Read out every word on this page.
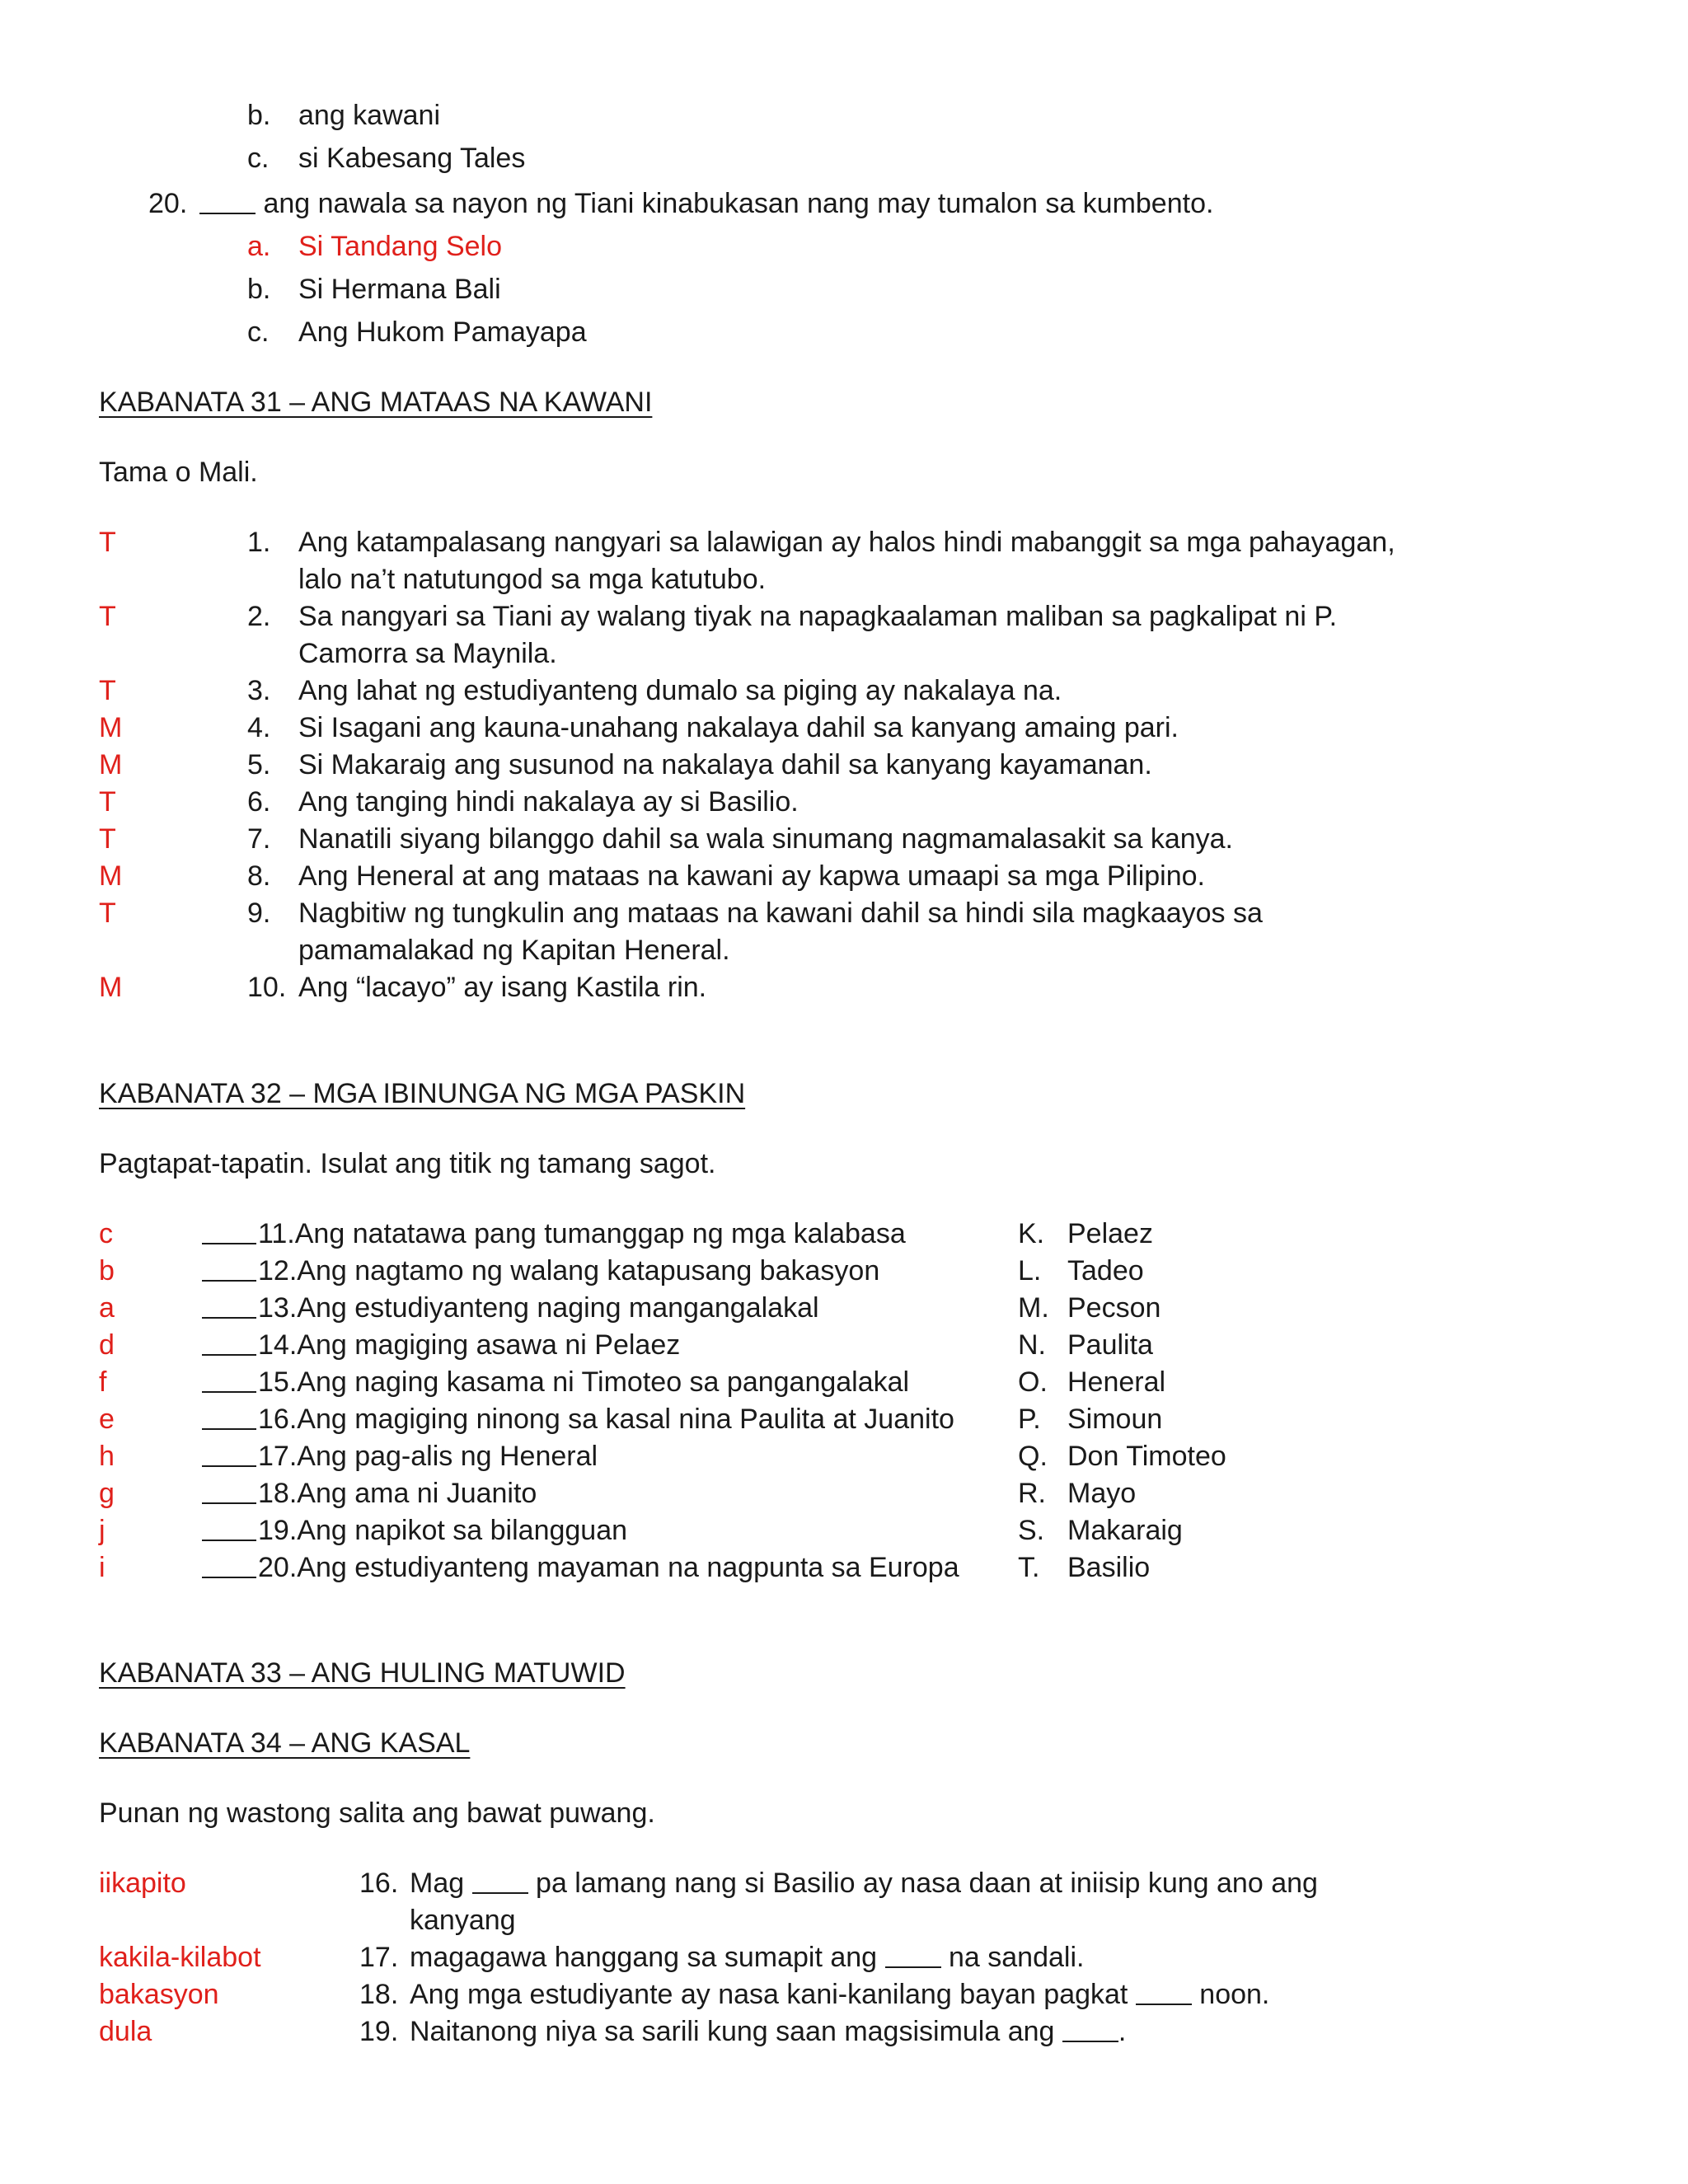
b. ang kawani
c. si Kabesang Tales
20.	ang nawala sa nayon ng Tiani kinabukasan nang may tumalon sa kumbento.
a. Si Tandang Selo
b. Si Hermana Bali
c. Ang Hukom Pamayapa
KABANATA 31 – ANG MATAAS NA KAWANI
Tama o Mali.
T	1. Ang katampalasang nangyari sa lalawigan ay halos hindi mabanggit sa mga pahayagan,
lalo na’t natutungod sa mga katutubo.
T	2. Sa nangyari sa Tiani ay walang tiyak na napagkaalaman maliban sa pagkalipat ni P.
Camorra sa Maynila.
T	3. Ang lahat ng estudiyanteng dumalo sa piging ay nakalaya na.
M	4. Si Isagani ang kauna-unahang nakalaya dahil sa kanyang amaing pari.
M	5. Si Makaraig ang susunod na nakalaya dahil sa kanyang kayamanan.
T	6. Ang tanging hindi nakalaya ay si Basilio.
T	7. Nanatili siyang bilanggo dahil sa wala sinumang nagmamalasakit sa kanya.
M	8. Ang Heneral at ang mataas na kawani ay kapwa umaapi sa mga Pilipino.
T	9. Nagbitiw ng tungkulin ang mataas na kawani dahil sa hindi sila magkaayos sa
pamamalakad ng Kapitan Heneral.
M	10. Ang “lacayo” ay isang Kastila rin.
KABANATA 32 – MGA IBINUNGA NG MGA PASKIN
Pagtapat-tapatin. Isulat ang titik ng tamang sagot.
c	11.Ang natatawa pang tumanggap ng mga kalabasa	K. Pelaez
b	12.Ang nagtamo ng walang katapusang bakasyon	L. Tadeo
a	13.Ang estudiyanteng naging mangangalakal	M. Pecson
d	14.Ang magiging asawa ni Pelaez	N. Paulita
f	15.Ang naging kasama ni Timoteo sa pangangalakal	O. Heneral
e	16.Ang magiging ninong sa kasal nina Paulita at Juanito P. Simoun
h	17.Ang pag-alis ng Heneral	Q. Don Timoteo
g	18.Ang ama ni Juanito	R. Mayo
j	19.Ang napikot sa bilangguan	S. Makaraig
i	20.Ang estudiyanteng mayaman na nagpunta sa Europa T. Basilio
KABANATA 33 – ANG HULING MATUWID
KABANATA 34 – ANG KASAL
Punan ng wastong salita ang bawat puwang.
iikapito	16. Mag	pa lamang nang si Basilio ay nasa daan at iniisip kung ano ang
kanyang
kakila-kilabot	17. magagawa hanggang sa sumapit ang	na sandali.
bakasyon	18. Ang mga estudiyante ay nasa kani-kanilang bayan pagkat	noon.
dula	19. Naitanong niya sa sarili kung saan magsisimula ang .
